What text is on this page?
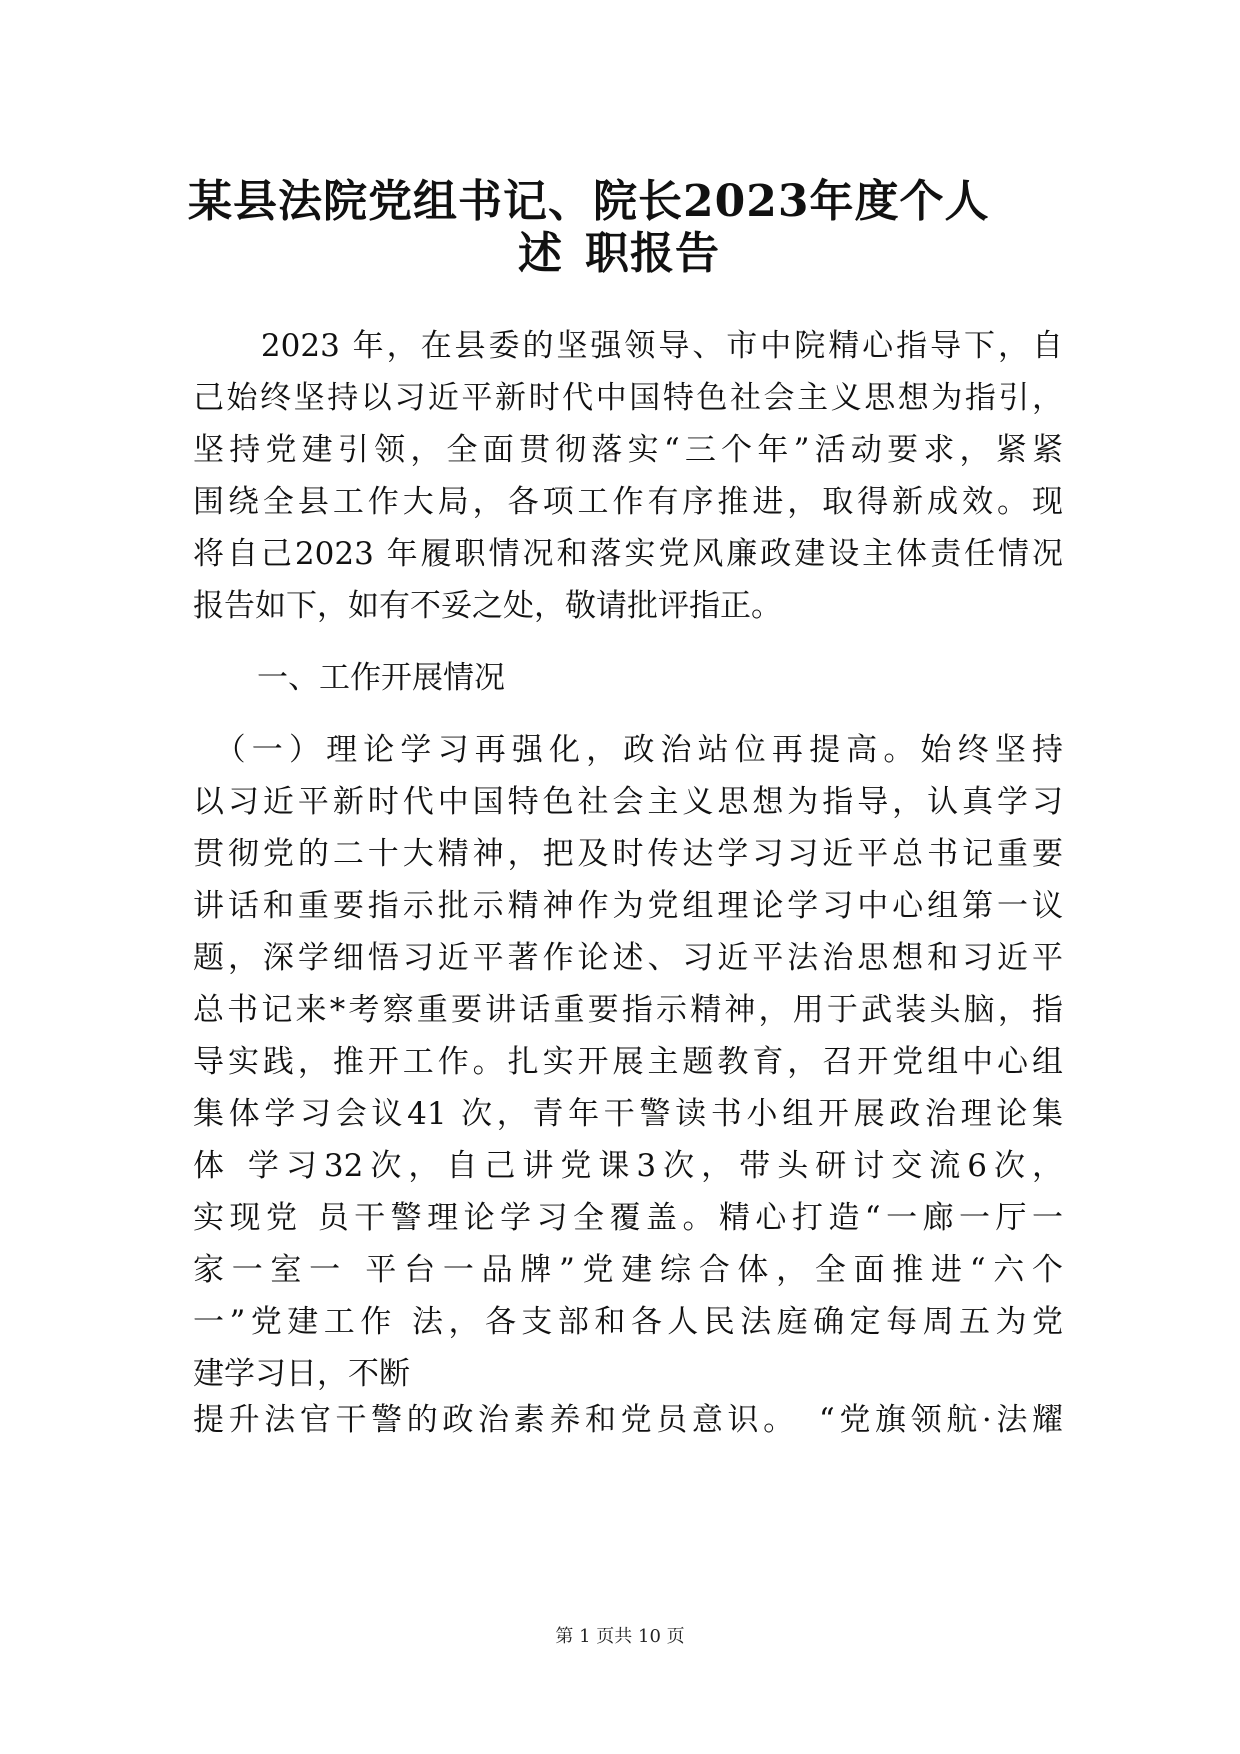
某县法院党组书记、院长2023年度个人
述 职报告
　　2023 年，在县委的坚强领导、市中院精心指导下，自
己始终坚持以习近平新时代中国特色社会主义思想为指引，
坚持党建引领，全面贯彻落实“三个年”活动要求，紧紧
围绕全县工作大局，各项工作有序推进，取得新成效。现
将自己2023 年履职情况和落实党风廉政建设主体责任情况
报告如下，如有不妥之处，敬请批评指正。
一、工作开展情况
　（一）理论学习再强化，政治站位再提高。始终坚持
以习近平新时代中国特色社会主义思想为指导，认真学习
贯彻党的二十大精神，把及时传达学习习近平总书记重要
讲话和重要指示批示精神作为党组理论学习中心组第一议
题，深学细悟习近平著作论述、习近平法治思想和习近平
总书记来*考察重要讲话重要指示精神，用于武装头脑，指
导实践，推开工作。扎实开展主题教育，召开党组中心组
集体学习会议41 次，青年干警读书小组开展政治理论集
体 学习32次，自己讲党课3次，带头研讨交流6次，
实现党 员干警理论学习全覆盖。精心打造“一廊一厅一
家一室一 平台一品牌”党建综合体，全面推进“六个
一”党建工作 法，各支部和各人民法庭确定每周五为党
建学习日，不断
提升法官干警的政治素养和党员意识。　“党旗领航·法耀
第 1 页共 10 页
